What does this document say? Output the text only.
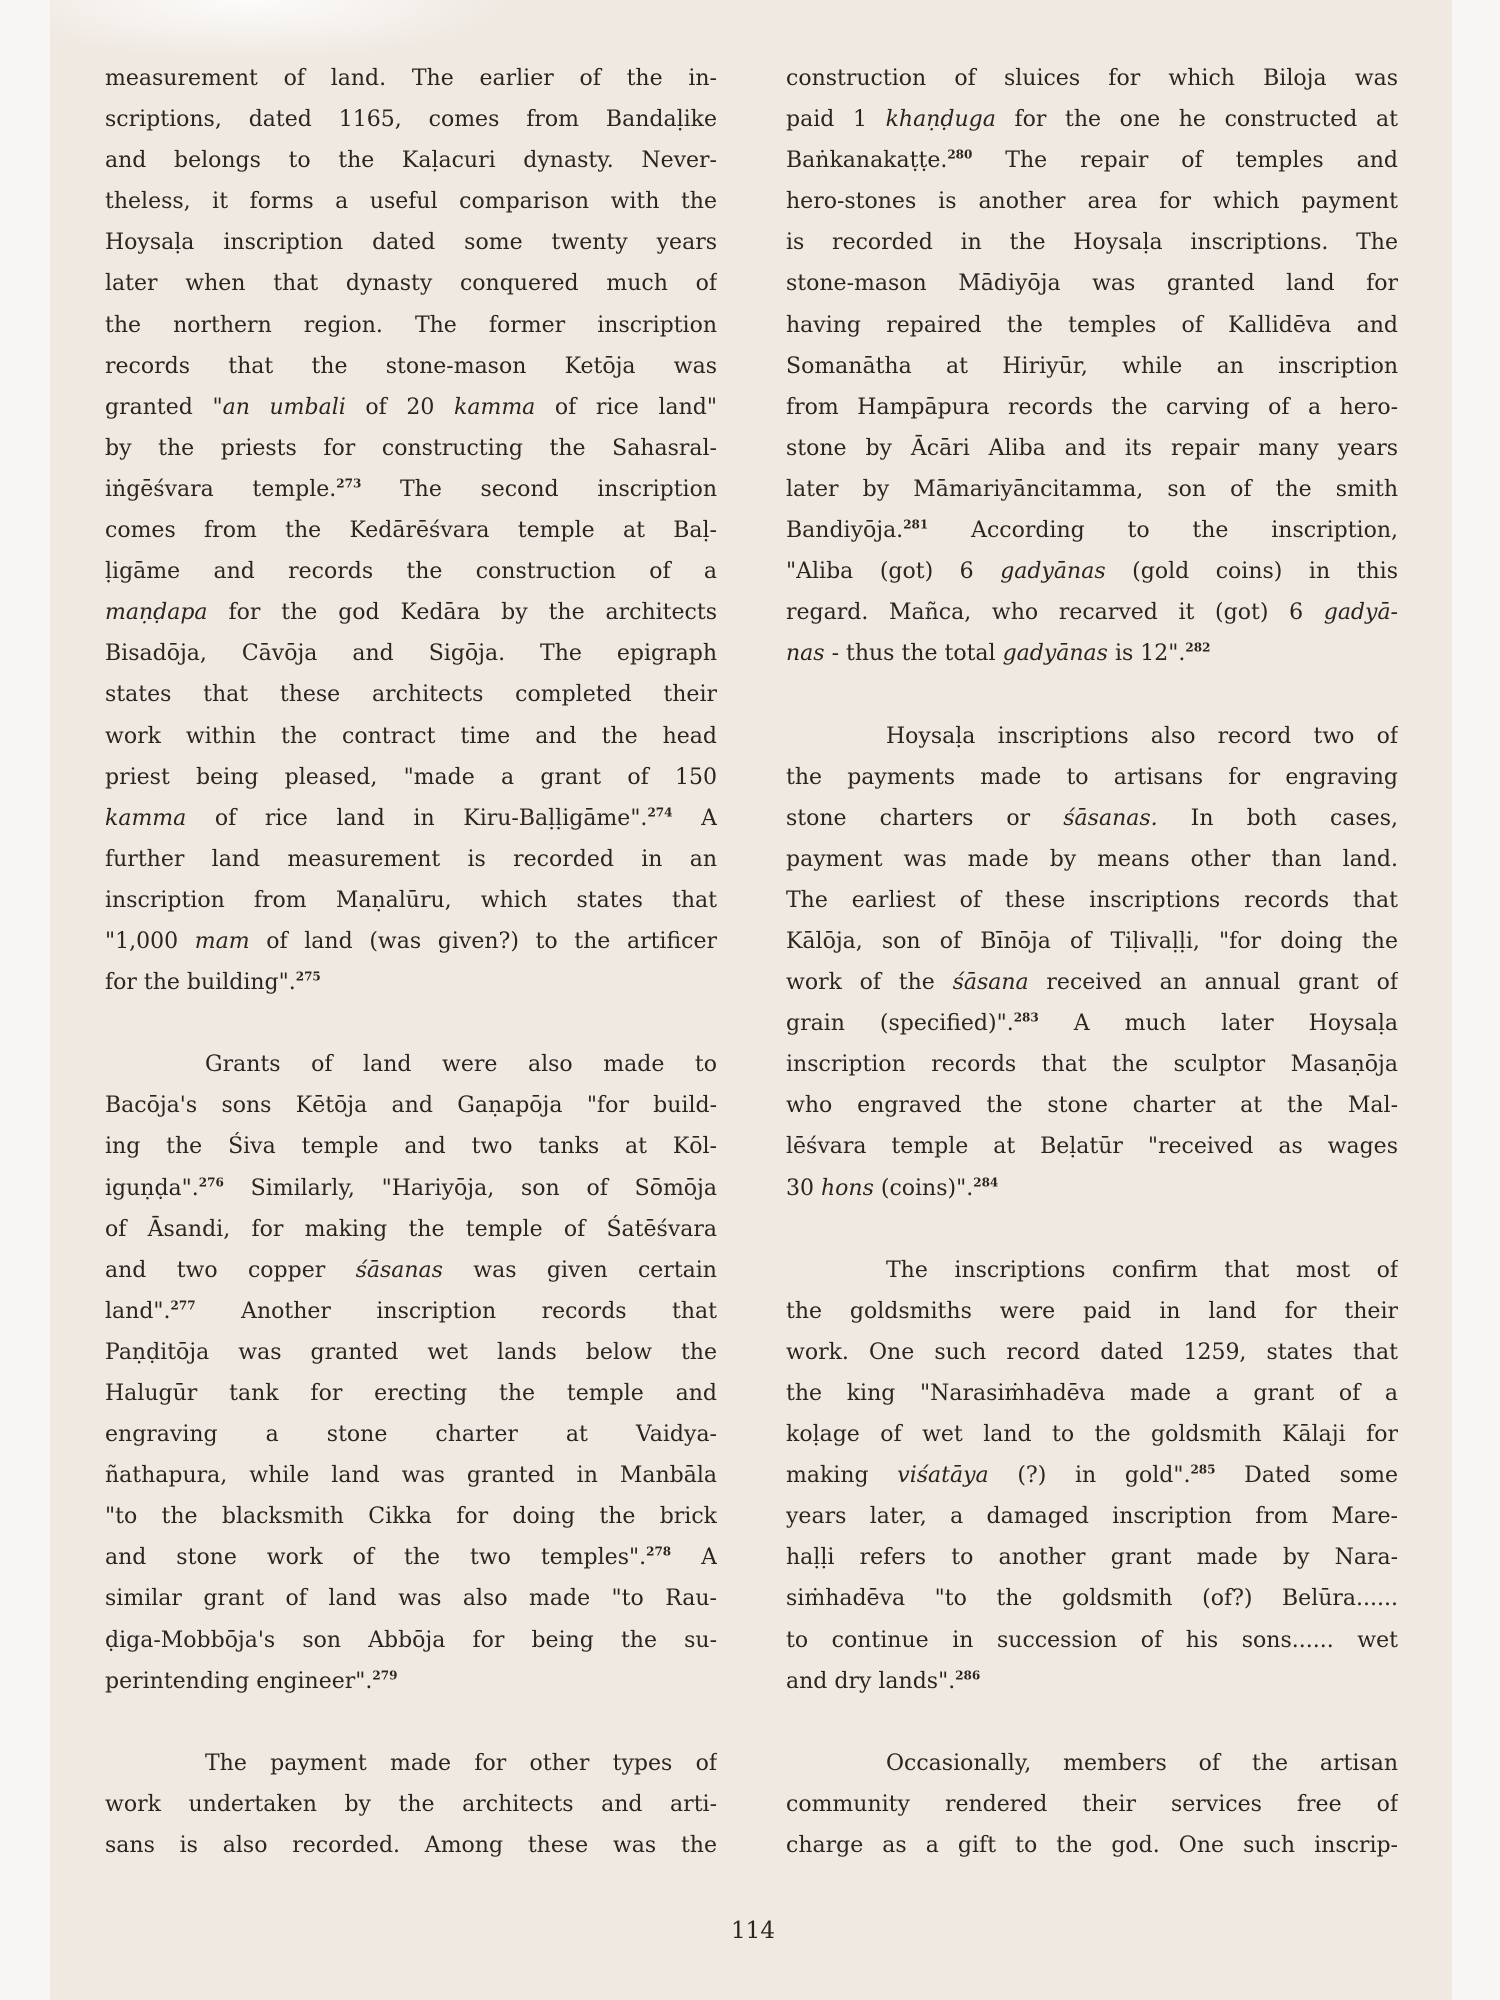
measurement of land. The earlier of the in-
scriptions, dated 1165, comes from Bandaḷike
and belongs to the Kaḷacuri dynasty. Never-
theless, it forms a useful comparison with the
Hoysaḷa inscription dated some twenty years
later when that dynasty conquered much of
the northern region. The former inscription
records that the stone-mason Ketōja was
granted "an umbali of 20 kamma of rice land"
by the priests for constructing the Sahasral-
iṅgēśvara temple.$^{273}$ The second inscription
comes from the Kedārēśvara temple at Baḷ-
ḷigāme and records the construction of a
maṇḍapa for the god Kedāra by the architects
Bisadōja, Cāvōja and Sigōja. The epigraph
states that these architects completed their
work within the contract time and the head
priest being pleased, "made a grant of 150
kamma of rice land in Kiru-Baḷḷigāme".$^{274}$ A
further land measurement is recorded in an
inscription from Maṇalūru, which states that
"1,000 mam of land (was given?) to the artificer
for the building".$^{275}$

Grants of land were also made to
Bacōja's sons Kētōja and Gaṇapōja "for build-
ing the Śiva temple and two tanks at Kōl-
iguṇḍa".$^{276}$ Similarly, "Hariyōja, son of Sōmōja
of Āsandi, for making the temple of Śatēśvara
and two copper śāsanas was given certain
land".$^{277}$ Another inscription records that
Paṇḍitōja was granted wet lands below the
Halugūr tank for erecting the temple and
engraving a stone charter at Vaidya-
ñathapura, while land was granted in Manbāla
"to the blacksmith Cikka for doing the brick
and stone work of the two temples".$^{278}$ A
similar grant of land was also made "to Rau-
ḍiga-Mobbōja's son Abbōja for being the su-
perintending engineer".$^{279}$

The payment made for other types of
work undertaken by the architects and arti-
sans is also recorded. Among these was the
construction of sluices for which Biloja was
paid 1 khaṇḍuga for the one he constructed at
Baṅkanakaṭṭe.$^{280}$ The repair of temples and
hero-stones is another area for which payment
is recorded in the Hoysaḷa inscriptions. The
stone-mason Mādiyōja was granted land for
having repaired the temples of Kallidēva and
Somanātha at Hiriyūr, while an inscription
from Hampāpura records the carving of a hero-
stone by Ācāri Aliba and its repair many years
later by Māmariyāncitamma, son of the smith
Bandiyōja.$^{281}$ According to the inscription,
"Aliba (got) 6 gadyānas (gold coins) in this
regard. Mañca, who recarved it (got) 6 gadyā-
nas - thus the total gadyānas is 12".$^{282}$

Hoysaḷa inscriptions also record two of
the payments made to artisans for engraving
stone charters or śāsanas. In both cases,
payment was made by means other than land.
The earliest of these inscriptions records that
Kālōja, son of Bīnōja of Tiḷivaḷḷi, "for doing the
work of the śāsana received an annual grant of
grain (specified)".$^{283}$ A much later Hoysaḷa
inscription records that the sculptor Masaṇōja
who engraved the stone charter at the Mal-
lēśvara temple at Beḷatūr "received as wages
30 hons (coins)".$^{284}$

The inscriptions confirm that most of
the goldsmiths were paid in land for their
work. One such record dated 1259, states that
the king "Narasiṁhadēva made a grant of a
koḷage of wet land to the goldsmith Kālaji for
making viśatāya (?) in gold".$^{285}$ Dated some
years later, a damaged inscription from Mare-
haḷḷi refers to another grant made by Nara-
siṁhadēva "to the goldsmith (of?) Belūra......
to continue in succession of his sons...... wet
and dry lands".$^{286}$

Occasionally, members of the artisan
community rendered their services free of
charge as a gift to the god. One such inscrip-
114
